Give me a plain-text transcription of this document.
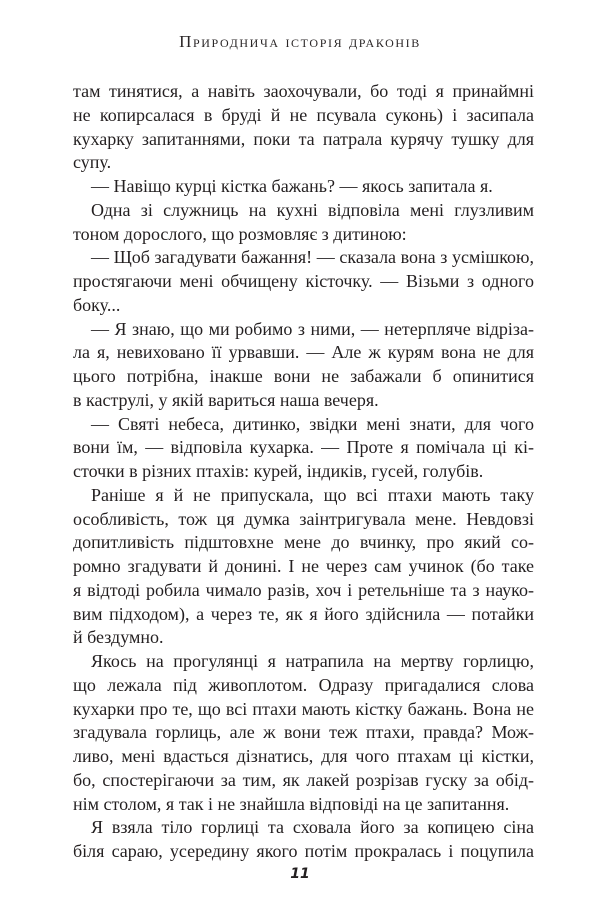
Природнича історія драконів
там тинятися, а навіть заохочували, бо тоді я принаймні
не копирсалася в бруді й не псувала суконь) і засипала
кухарку запитаннями, поки та патрала курячу тушку для
супу.
— Навіщо курці кістка бажань? — якось запитала я.
Одна зі служниць на кухні відповіла мені глузливим
тоном дорослого, що розмовляє з дитиною:
— Щоб загадувати бажання! — сказала вона з усмішкою,
простягаючи мені обчищену кісточку. — Візьми з одного
боку...
— Я знаю, що ми робимо з ними, — нетерпляче відріза-
ла я, невиховано її урвавши. — Але ж курям вона не для
цього потрібна, інакше вони не забажали б опинитися
в каструлі, у якій вариться наша вечеря.
— Святі небеса, дитинко, звідки мені знати, для чого
вони їм, — відповіла кухарка. — Проте я помічала ці кі-
сточки в різних птахів: курей, індиків, гусей, голубів.
Раніше я й не припускала, що всі птахи мають таку
особливість, тож ця думка заінтригувала мене. Невдовзі
допитливість підштовхне мене до вчинку, про який со-
ромно згадувати й донині. І не через сам учинок (бо таке
я відтоді робила чимало разів, хоч і ретельніше та з науко-
вим підходом), а через те, як я його здійснила — потайки
й бездумно.
Якось на прогулянці я натрапила на мертву горлицю,
що лежала під живоплотом. Одразу пригадалися слова
кухарки про те, що всі птахи мають кістку бажань. Вона не
згадувала горлиць, але ж вони теж птахи, правда? Мож-
ливо, мені вдасться дізнатись, для чого птахам ці кістки,
бо, спостерігаючи за тим, як лакей розрізав гуску за обід-
нім столом, я так і не знайшла відповіді на це запитання.
Я взяла тіло горлиці та сховала його за копицею сіна
біля сараю, усередину якого потім прокралась і поцупила
11
